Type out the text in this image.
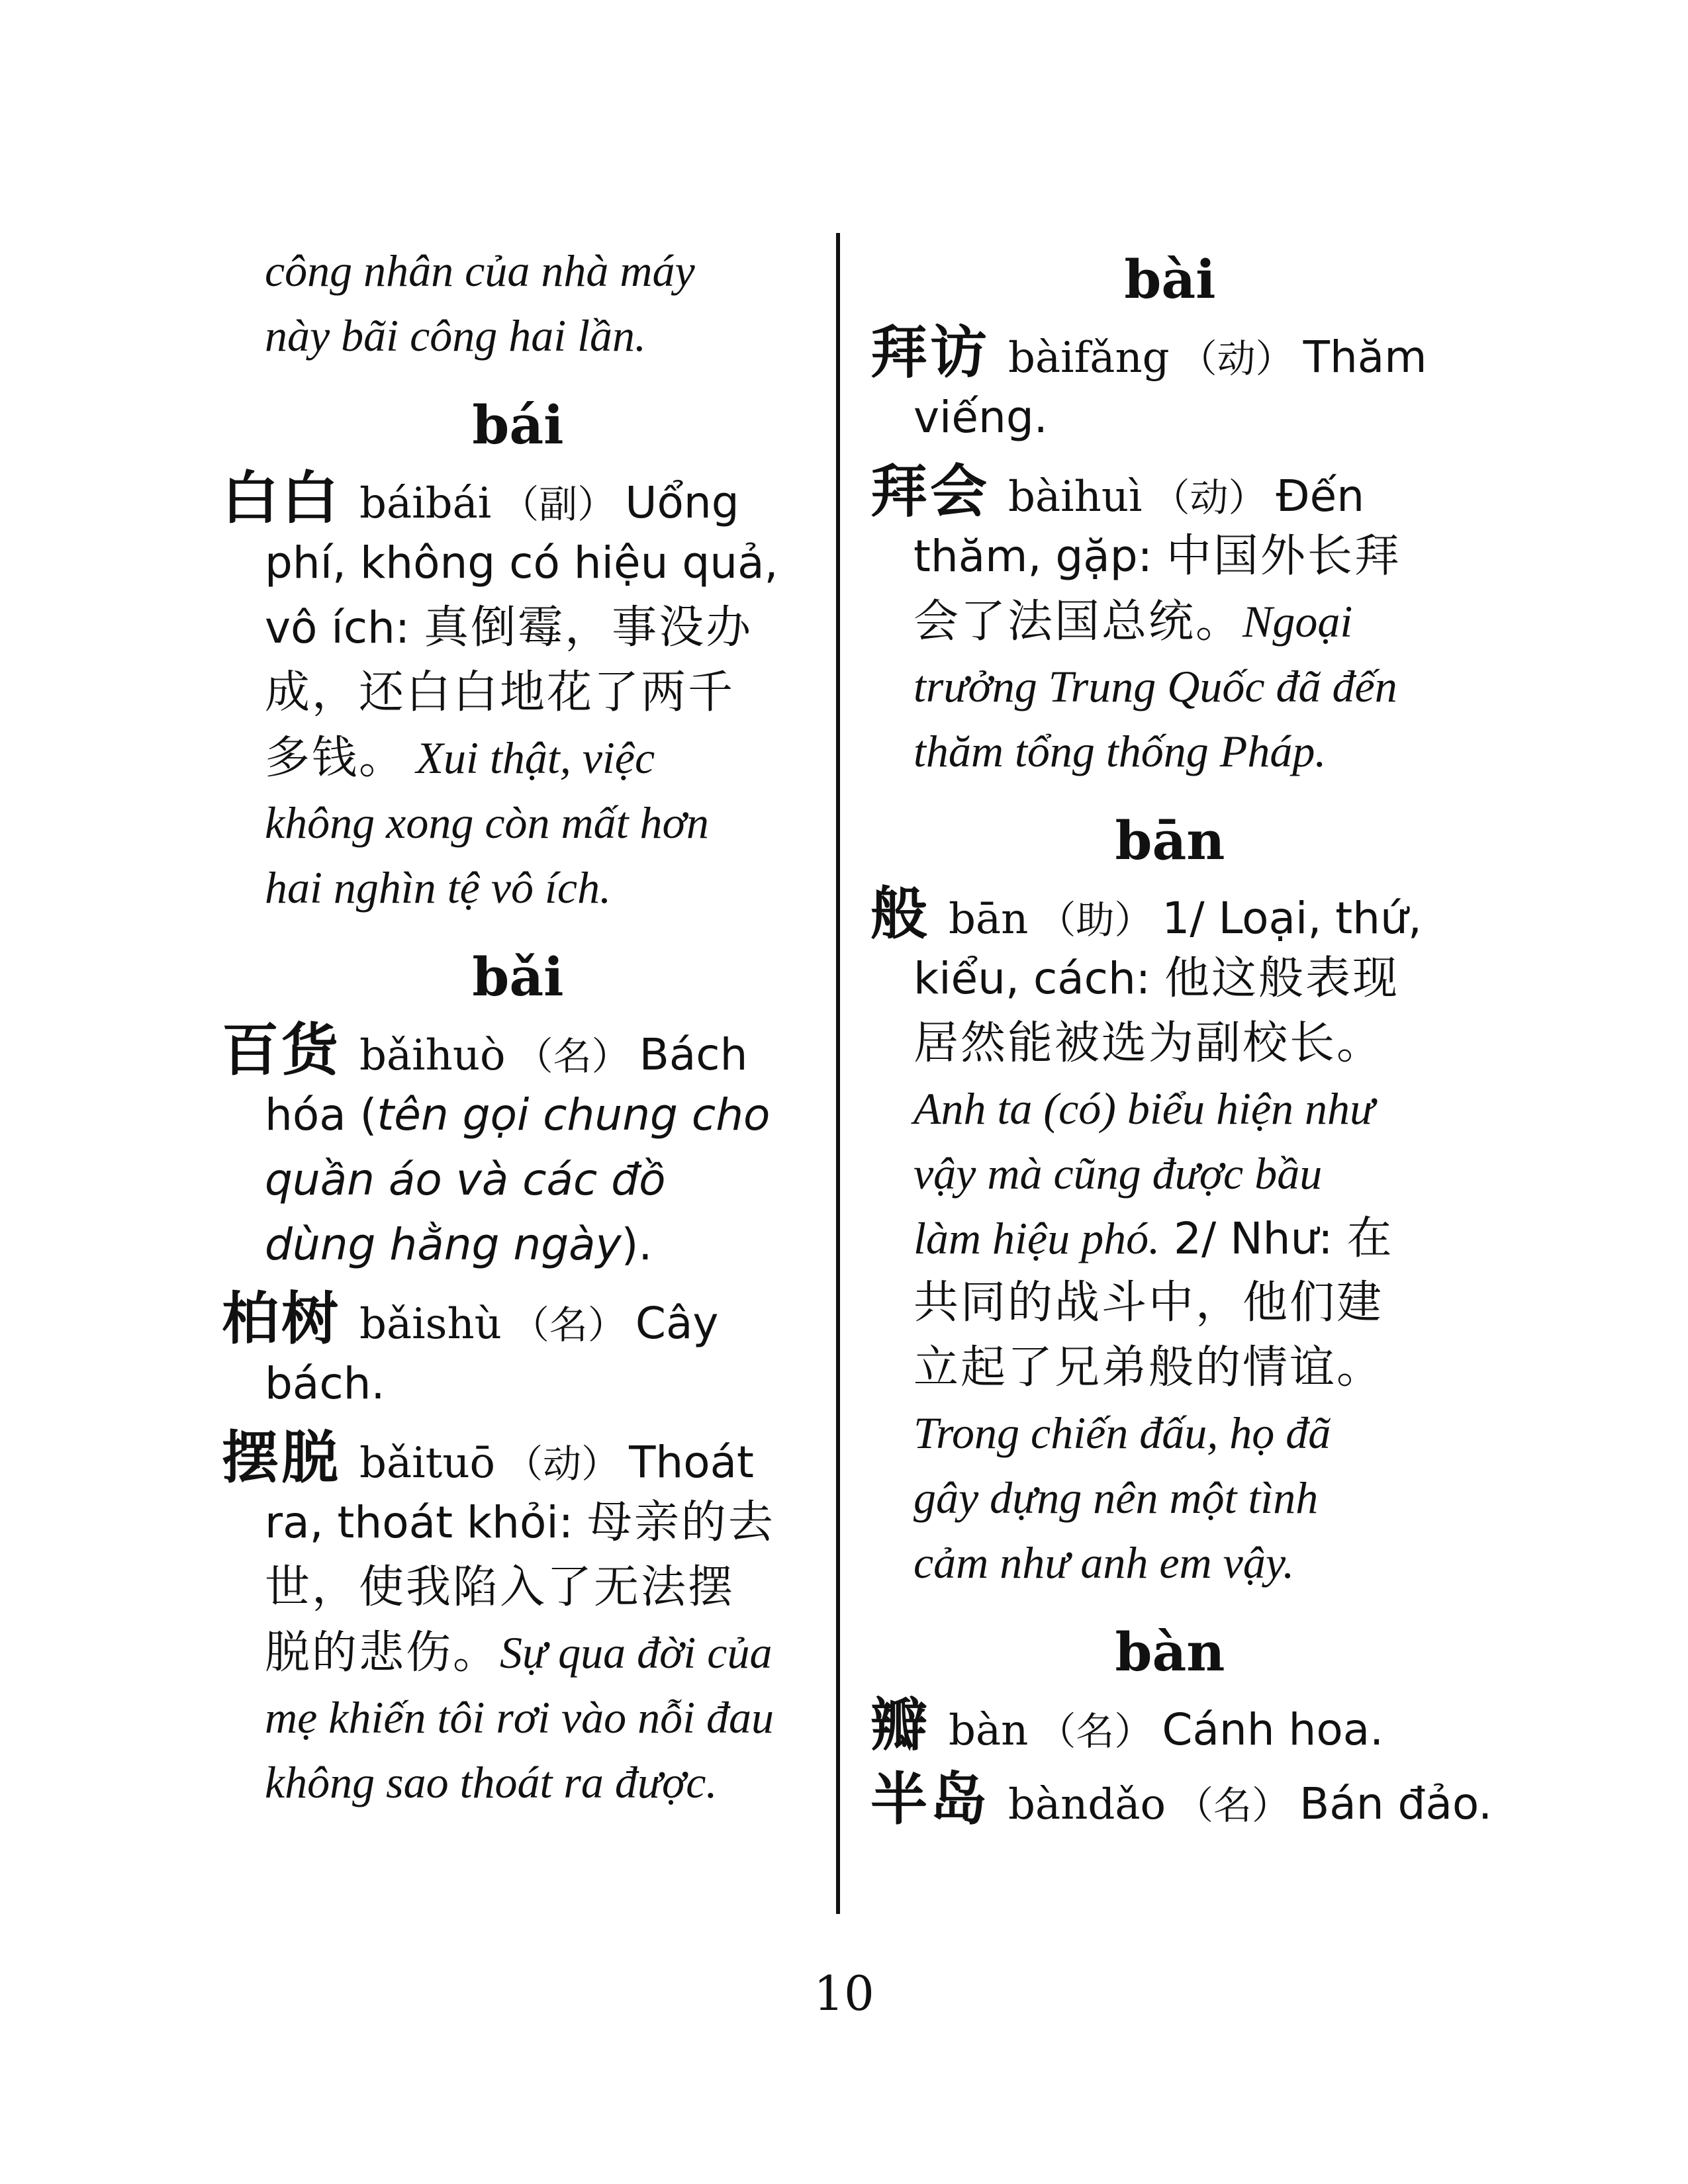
công nhân của nhà máy
này bãi công hai lần.
bái
白白 báibái （副） Uổng
phí, không có hiệu quả,
vô ích: 真倒霉，事没办
成，还白白地花了两千
多钱。 Xui thật, việc
không xong còn mất hơn
hai nghìn tệ vô ích.
bǎi
百货 bǎihuò （名） Bách
hóa (tên gọi chung cho
quần áo và các đồ
dùng hằng ngày).
柏树 bǎishù （名） Cây
bách.
摆脱 bǎituō （动） Thoát
ra, thoát khỏi: 母亲的去
世，使我陷入了无法摆
脱的悲伤。Sự qua đời của
mẹ khiến tôi rơi vào nỗi đau
không sao thoát ra được.
bài
拜访 bàifǎng （动） Thăm
viếng.
拜会 bàihuì （动） Đến
thăm, gặp: 中国外长拜
会了法国总统。Ngoại
trưởng Trung Quốc đã đến
thăm tổng thống Pháp.
bān
般 bān （助） 1/ Loại, thứ,
kiểu, cách: 他这般表现
居然能被选为副校长。
Anh ta (có) biểu hiện như
vậy mà cũng được bầu
làm hiệu phó. 2/ Như: 在
共同的战斗中，他们建
立起了兄弟般的情谊。
Trong chiến đấu, họ đã
gây dựng nên một tình
cảm như anh em vậy.
bàn
瓣 bàn （名） Cánh hoa.
半岛 bàndǎo （名） Bán đảo.
10
